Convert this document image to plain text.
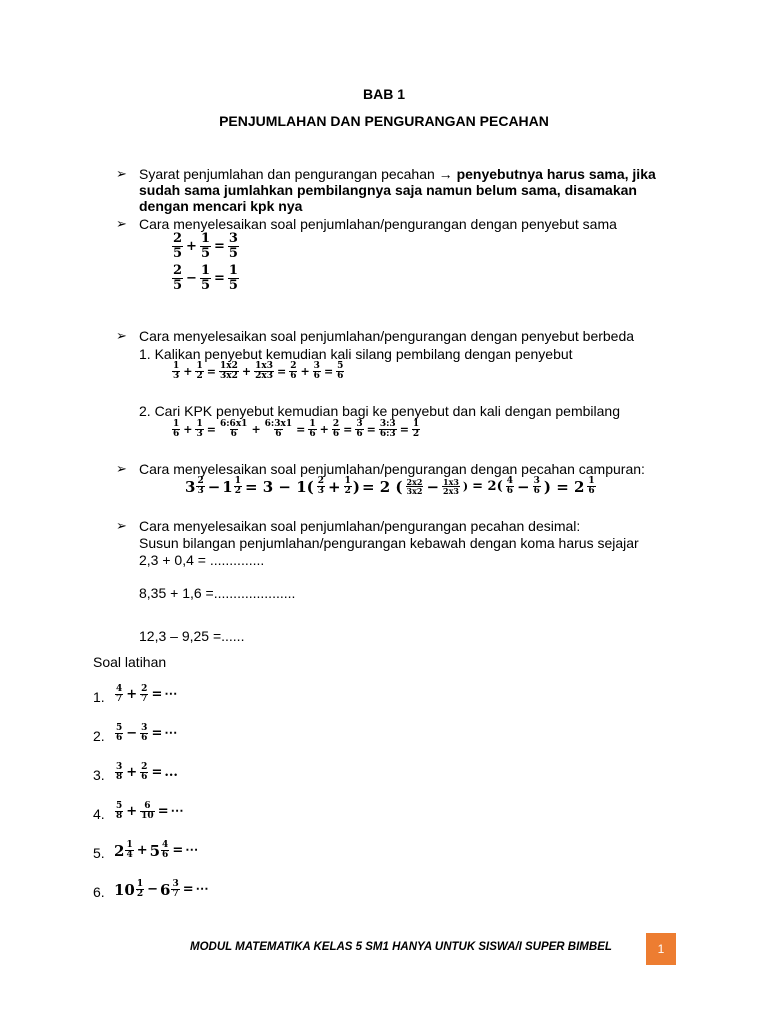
BAB 1
PENJUMLAHAN DAN PENGURANGAN PECAHAN
➢ Syarat penjumlahan dan pengurangan pecahan → penyebutnya harus sama, jika
sudah sama jumlahkan pembilangnya saja namun belum sama, disamakan
dengan mencari kpk nya
➢ Cara menyelesaikan soal penjumlahan/pengurangan dengan penyebut sama
$\frac{2}{5} + \frac{1}{5} = \frac{3}{5}$
$\frac{2}{5} - \frac{1}{5} = \frac{1}{5}$
➢ Cara menyelesaikan soal penjumlahan/pengurangan dengan penyebut berbeda
1. Kalikan penyebut kemudian kali silang pembilang dengan penyebut
$\frac{1}{3} + \frac{1}{2} = \frac{1x2}{3x2} + \frac{1x3}{2x3} = \frac{2}{6} + \frac{3}{6} = \frac{5}{6}$
2. Cari KPK penyebut kemudian bagi ke penyebut dan kali dengan pembilang
$\frac{1}{6} + \frac{1}{3} = \frac{6:6x1}{6} + \frac{6:3x1}{6} = \frac{1}{6} + \frac{2}{6} = \frac{3}{6} = \frac{3:3}{6:3} = \frac{1}{2}$
➢ Cara menyelesaikan soal penjumlahan/pengurangan dengan pecahan campuran:
$3 \frac{2}{3} - 1 \frac{1}{2} = 3 - 1( \frac{2}{3} + \frac{1}{2}$ ) = 2 ( $\frac{2x2}{3x2} - \frac{1x3}{2x3}$ ) = $2( \frac{4}{6} - \frac{3}{6}$ ) = $2 \frac{1}{6}$
➢ Cara menyelesaikan soal penjumlahan/pengurangan pecahan desimal:
Susun bilangan penjumlahan/pengurangan kebawah dengan koma harus sejajar
2,3 + 0,4 = ..............
8,35 + 1,6 =.....................
12,3 – 9,25 =......
Soal latihan
1. $\frac{4}{7} + \frac{2}{7}$ = ⋯
2. $\frac{5}{6} - \frac{3}{6}$ = ⋯
3. $\frac{3}{8} + \frac{2}{6}$ = ...
4. $\frac{5}{8} + \frac{6}{10}$ = ⋯
5. $2 \frac{1}{4} + 5 \frac{4}{6}$ = ⋯
6. $10 \frac{1}{2} - 6 \frac{3}{7}$ = ⋯
MODUL MATEMATIKA KELAS 5 SM1 HANYA UNTUK SISWA/I SUPER BIMBEL	1
